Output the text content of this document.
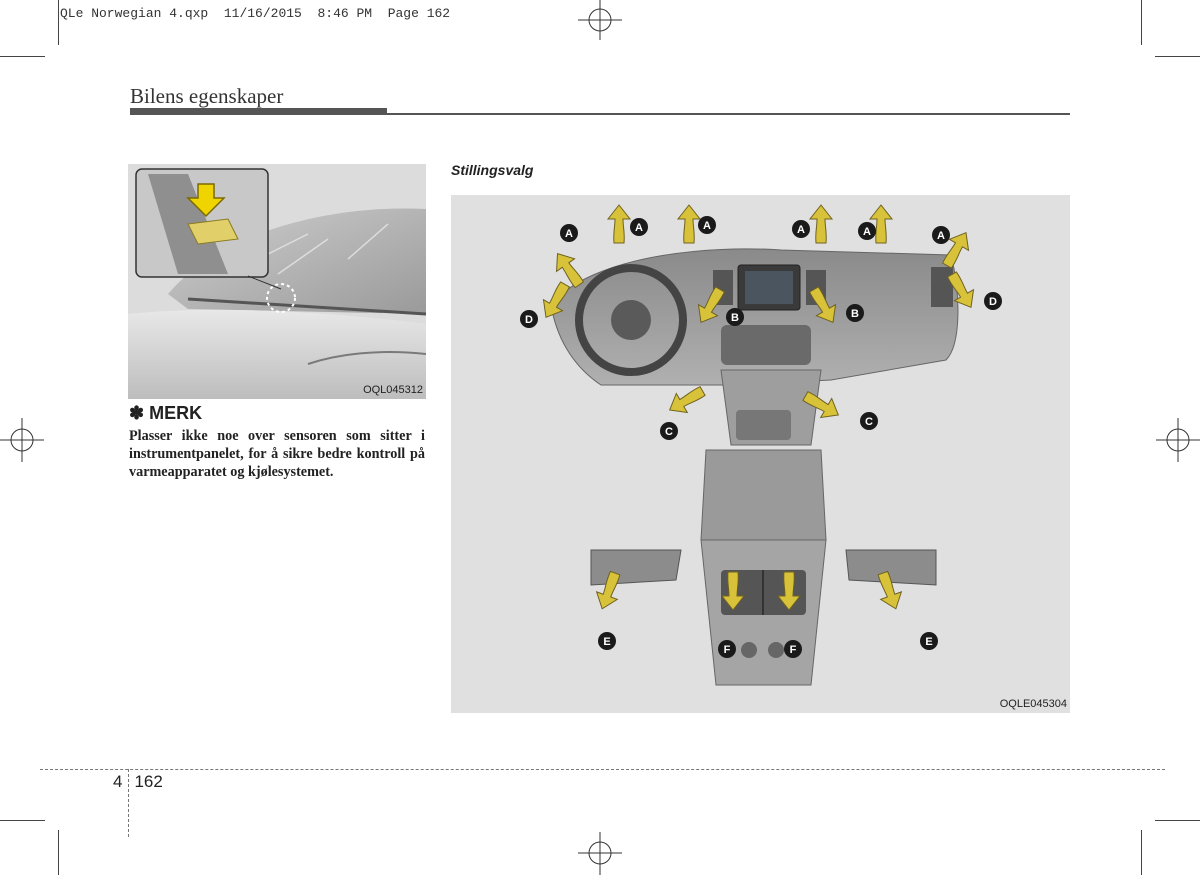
QLe Norwegian 4.qxp 11/16/2015 8:46 PM Page 162
Bilens egenskaper
OQL045312
✽ MERK
Plasser ikke noe over sensoren som sitter i instrumentpanelet, for å sikre bedre kontroll på varmeapparatet og kjølesystemet.
Stillingsvalg
A	A	A	A	A	A
B	B
C
C
D
D
E	E
F	F
OQLE045304
4 162
